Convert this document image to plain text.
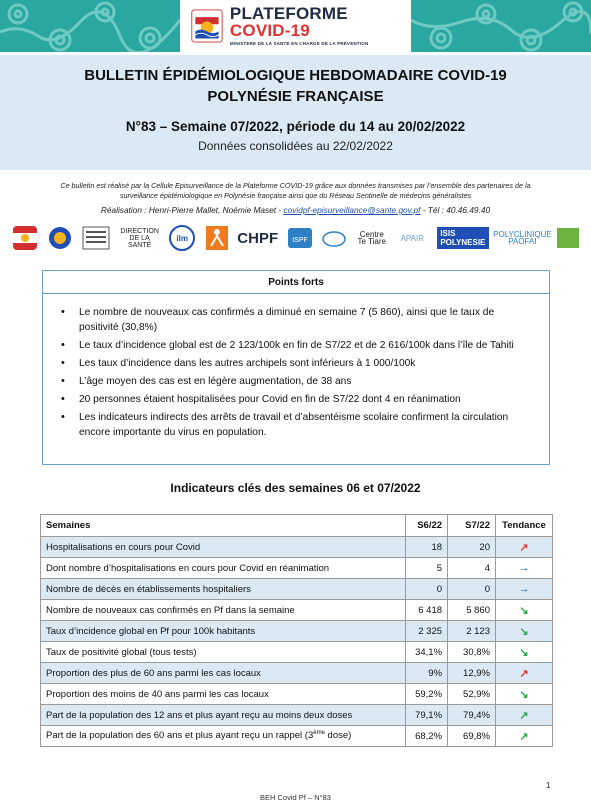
PLATEFORME COVID-19
MINISTÈRE DE LA SANTÉ EN CHARGE DE LA PRÉVENTION
BULLETIN ÉPIDÉMIOLOGIQUE HEBDOMADAIRE COVID-19
POLYNÉSIE FRANÇAISE
N°83 – Semaine 07/2022, période du 14 au 20/02/2022
Données consolidées au 22/02/2022
Ce bulletin est réalisé par la Cellule Episurveillance de la Plateforme COVID-19 grâce aux données transmises par l’ensemble des partenaires de la
surveillance épidémiologique en Polynésie française ainsi que du Réseau Sentinelle de médecins généralistes
Réalisation : Henri-Pierre Mallet, Noémie Maset - covidpf-episurveillance@sante.gov.pf - Tél : 40.46.49.40
DIRECTION DE LA SANTÉ
ilm	CHPF ISPF
Centre Te Tiare	APAIR	ISIS POLYNESIE
POLYCLINIQUE PAOFAI
Points forts
• Le nombre de nouveaux cas confirmés a diminué en semaine 7 (5 860), ainsi que le taux de positivité (30,8%)
• Le taux d’incidence global est de 2 123/100k en fin de S7/22 et de 2 616/100k dans l’île de Tahiti
• Les taux d’incidence dans les autres archipels sont inférieurs à 1 000/100k
• L’âge moyen des cas est en légère augmentation, de 38 ans
• 20 personnes étaient hospitalisées pour Covid en fin de S7/22 dont 4 en réanimation
• Les indicateurs indirects des arrêts de travail et d’absentéisme scolaire confirment la circulation encore importante du virus en population.
Indicateurs clés des semaines 06 et 07/2022
Semaines	S6/22	S7/22	Tendance
Hospitalisations en cours pour Covid	18	20	↗
Dont nombre d’hospitalisations en cours pour Covid en réanimation	5	4	→
Nombre de décès en établissements hospitaliers	0	0	→
Nombre de nouveaux cas confirmés en Pf dans la semaine	6 418	5 860	↘
Taux d’incidence global en Pf pour 100k habitants	2 325	2 123	↘
Taux de positivité global (tous tests)	34,1%	30,8%	↘
Proportion des plus de 60 ans parmi les cas locaux	9%	12,9%	↗
Proportion des moins de 40 ans parmi les cas locaux	59,2%	52,9%	↘
Part de la population des 12 ans et plus ayant reçu au moins deux doses	79,1%	79,4%	↗
Part de la population des 60 ans et plus ayant reçu un rappel (3ème dose)	68,2%	69,8%	↗
1
BEH Covid Pf – N°83
